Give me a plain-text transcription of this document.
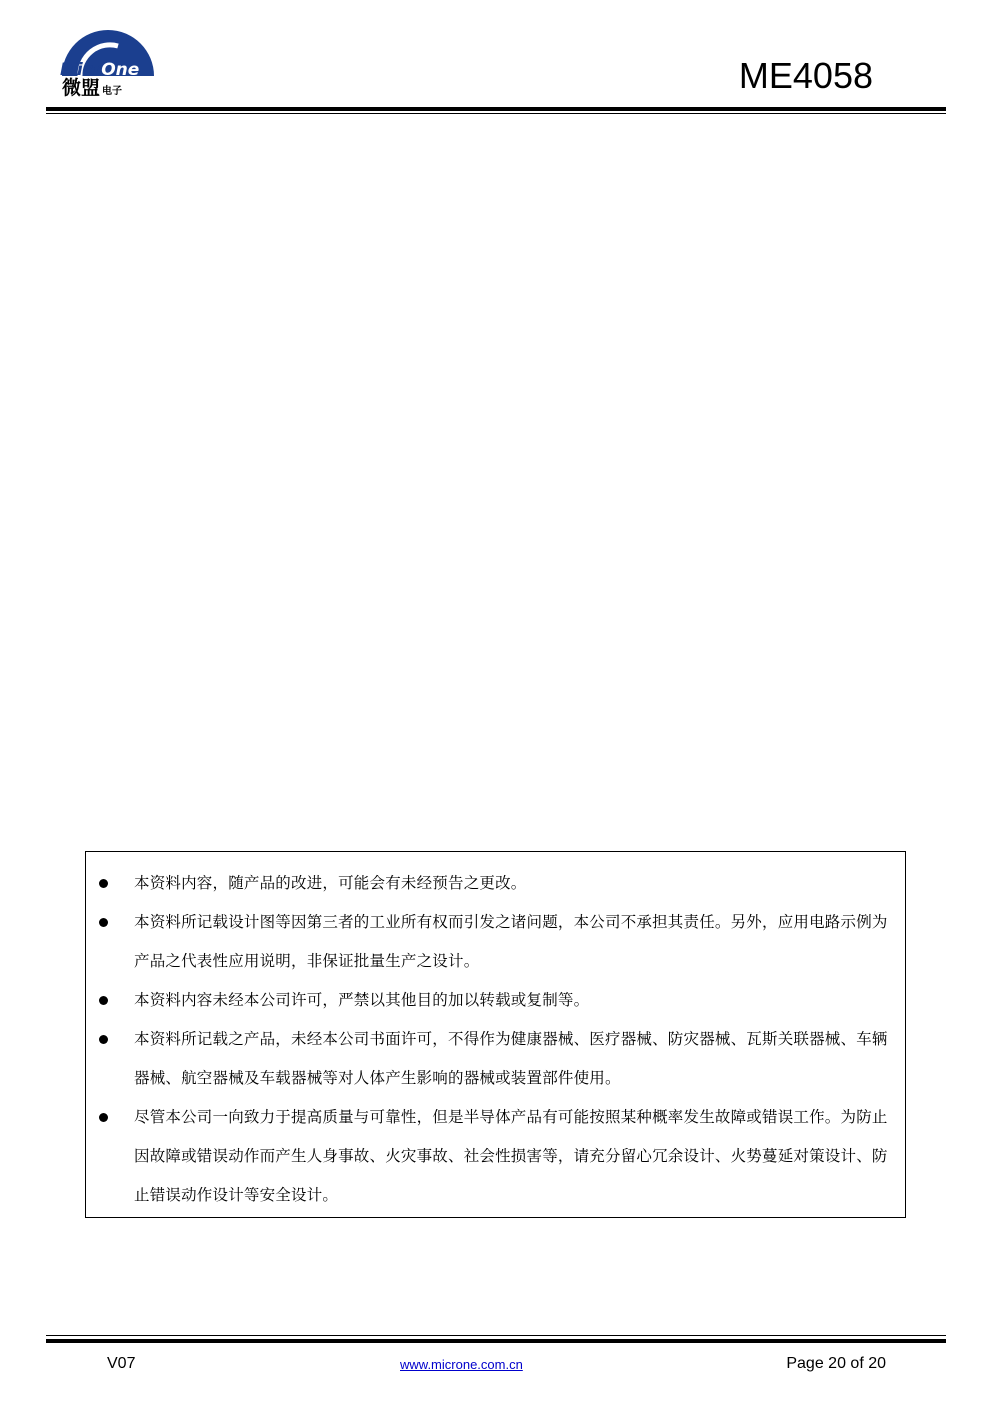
MicrOne
微盟 电子	ME4058
本资料内容，随产品的改进，可能会有未经预告之更改。
本资料所记载设计图等因第三者的工业所有权而引发之诸问题，本公司不承担其责任。另外，应用电路示例为产品之代表性应用说明，非保证批量生产之设计。
本资料内容未经本公司许可，严禁以其他目的加以转载或复制等。
本资料所记载之产品，未经本公司书面许可，不得作为健康器械、医疗器械、防灾器械、瓦斯关联器械、车辆器械、航空器械及车载器械等对人体产生影响的器械或装置部件使用。
尽管本公司一向致力于提高质量与可靠性，但是半导体产品有可能按照某种概率发生故障或错误工作。为防止因故障或错误动作而产生人身事故、火灾事故、社会性损害等，请充分留心冗余设计、火势蔓延对策设计、防止错误动作设计等安全设计。
V07	www.microne.com.cn	Page 20 of 20
